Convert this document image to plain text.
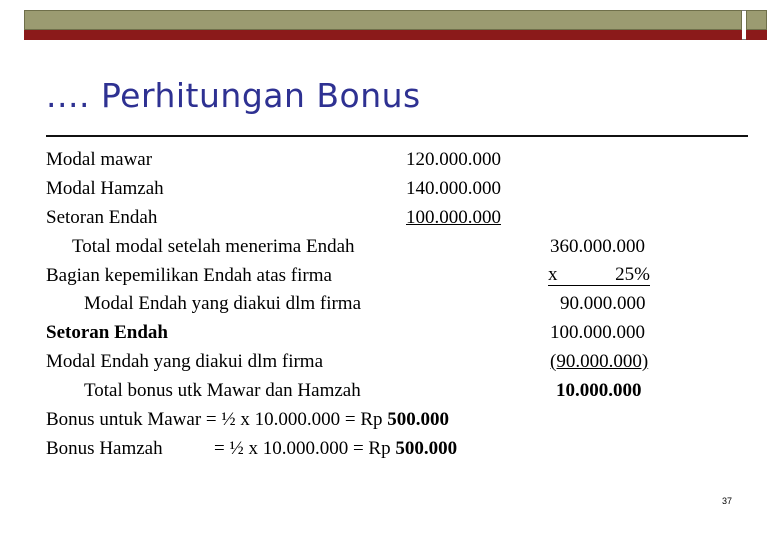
.... Perhitungan Bonus
Modal mawar	120.000.000
Modal Hamzah	140.000.000
Setoran Endah	100.000.000
Total modal setelah menerima Endah	360.000.000
Bagian kepemilikan Endah atas firma	x	25%
Modal Endah yang diakui dlm firma	90.000.000
Setoran Endah	100.000.000
Modal Endah yang diakui dlm firma	(90.000.000)
Total bonus utk Mawar dan Hamzah	10.000.000
Bonus untuk Mawar = ½ x 10.000.000 = Rp 500.000
Bonus Hamzah	= ½ x 10.000.000 = Rp 500.000
37
